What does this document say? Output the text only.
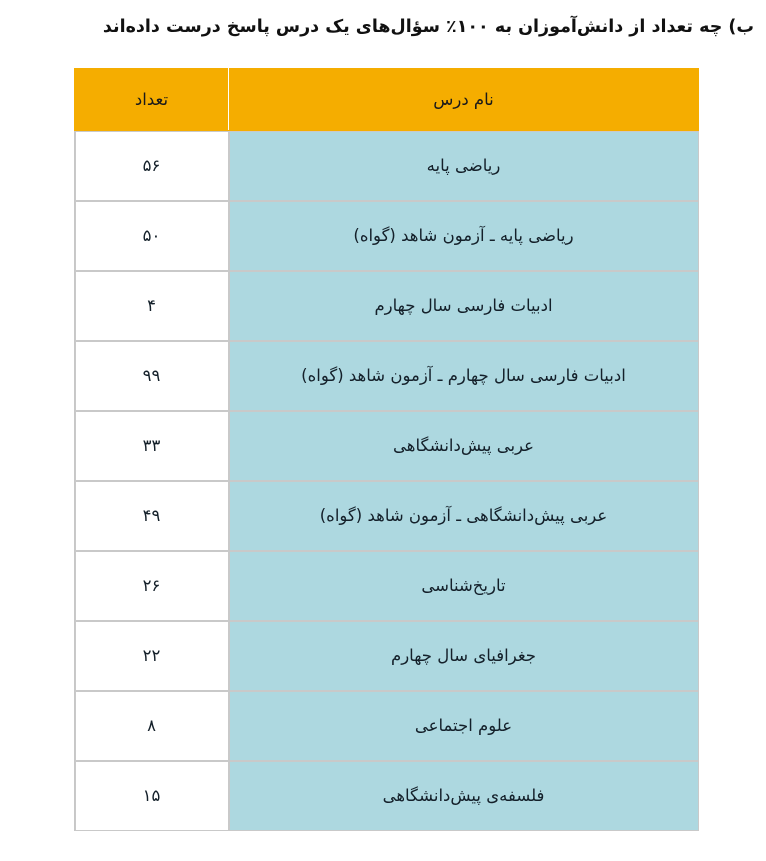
ب) چه تعداد از دانش‌آموزان به ۱۰۰٪ سؤال‌های یک درس پاسخ درست داده‌اند
نام درس	تعداد
ریاضی پایه	۵۶
ریاضی پایه ـ آزمون شاهد (گواه)	۵۰
ادبیات فارسی سال چهارم	۴
ادبیات فارسی سال چهارم ـ آزمون شاهد (گواه)	۹۹
عربی پیش‌دانشگاهی	۳۳
عربی پیش‌دانشگاهی ـ آزمون شاهد (گواه)	۴۹
تاریخ‌شناسی	۲۶
جغرافیای سال چهارم	۲۲
علوم اجتماعی	۸
فلسفه‌ی پیش‌دانشگاهی	۱۵
